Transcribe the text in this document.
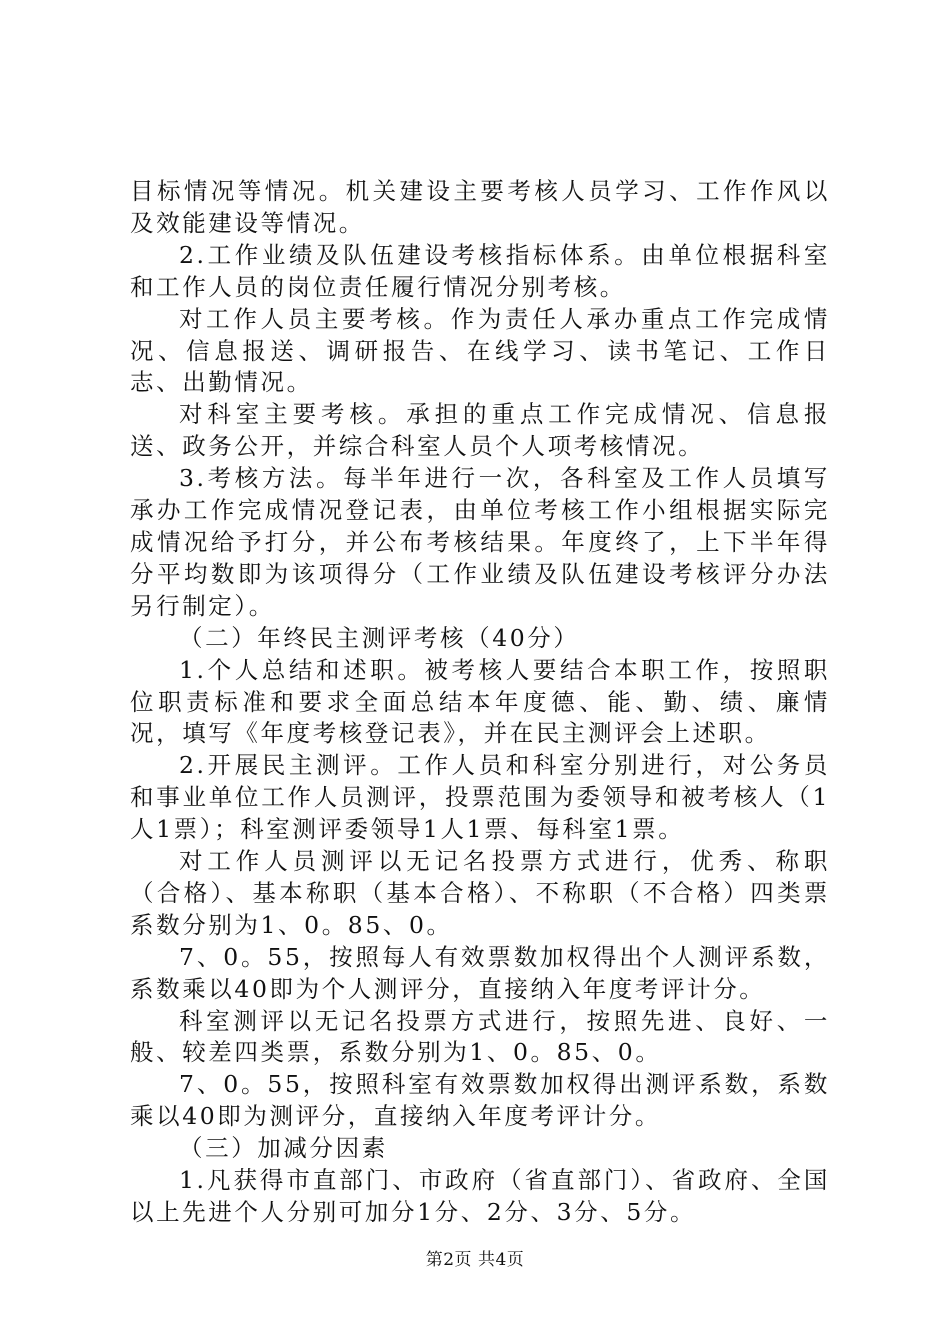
目标情况等情况。机关建设主要考核人员学习、工作作风以及效能建设等情况。

2.工作业绩及队伍建设考核指标体系。由单位根据科室和工作人员的岗位责任履行情况分别考核。

对工作人员主要考核。作为责任人承办重点工作完成情况、信息报送、调研报告、在线学习、读书笔记、工作日志、出勤情况。

对科室主要考核。承担的重点工作完成情况、信息报送、政务公开，并综合科室人员个人项考核情况。

3.考核方法。每半年进行一次，各科室及工作人员填写承办工作完成情况登记表，由单位考核工作小组根据实际完成情况给予打分，并公布考核结果。年度终了，上下半年得分平均数即为该项得分（工作业绩及队伍建设考核评分办法另行制定）。

（二）年终民主测评考核（40分）

1.个人总结和述职。被考核人要结合本职工作，按照职位职责标准和要求全面总结本年度德、能、勤、绩、廉情况，填写《年度考核登记表》，并在民主测评会上述职。

2.开展民主测评。工作人员和科室分别进行，对公务员和事业单位工作人员测评，投票范围为委领导和被考核人（1人1票）；科室测评委领导1人1票、每科室1票。

对工作人员测评以无记名投票方式进行，优秀、称职（合格）、基本称职（基本合格）、不称职（不合格）四类票系数分别为1、0。85、0。

7、0。55，按照每人有效票数加权得出个人测评系数，系数乘以40即为个人测评分，直接纳入年度考评计分。

科室测评以无记名投票方式进行，按照先进、良好、一般、较差四类票，系数分别为1、0。85、0。

7、0。55，按照科室有效票数加权得出测评系数，系数乘以40即为测评分，直接纳入年度考评计分。

（三）加减分因素

1.凡获得市直部门、市政府（省直部门）、省政府、全国以上先进个人分别可加分1分、2分、3分、5分。

第2页 共4页
